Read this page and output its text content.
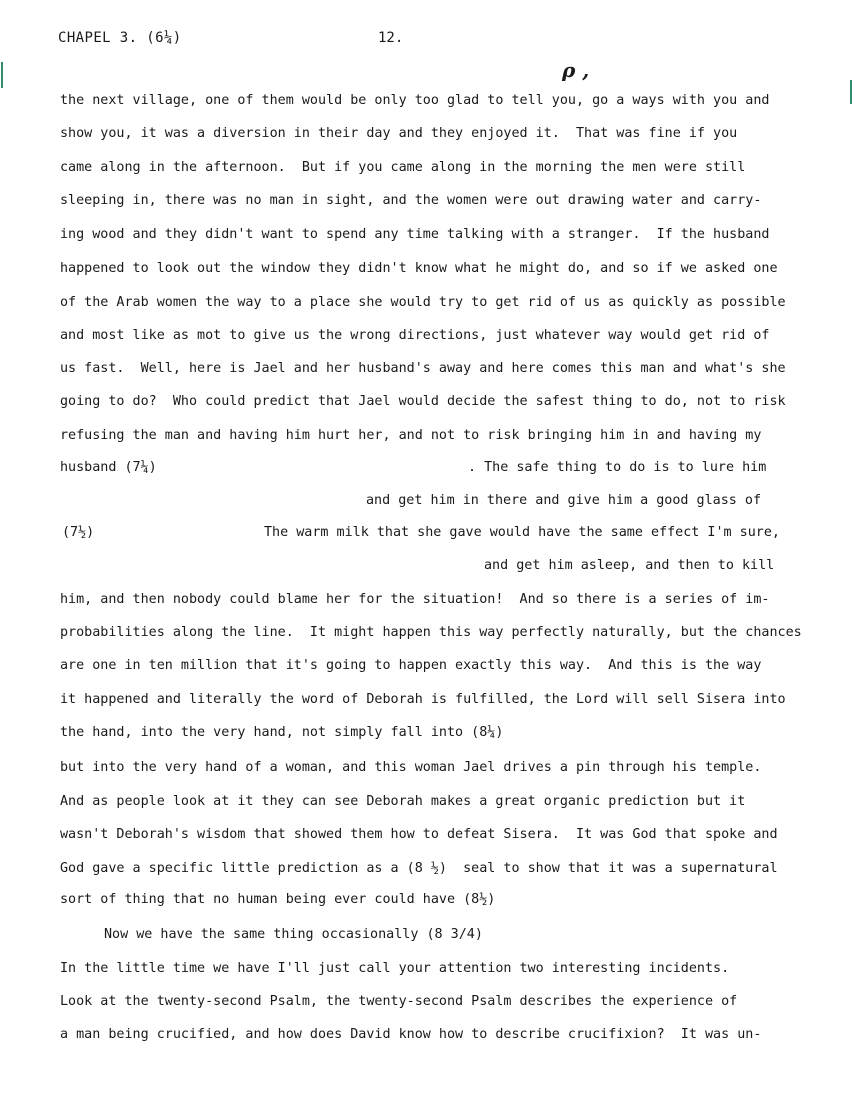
CHAPEL 3. (6¼)	12.
ρ ,
the next village, one of them would be only too glad to tell you, go a ways with you and
show you, it was a diversion in their day and they enjoyed it.  That was fine if you
came along in the afternoon.  But if you came along in the morning the men were still
sleeping in, there was no man in sight, and the women were out drawing water and carry-
ing wood and they didn't want to spend any time talking with a stranger.  If the husband
happened to look out the window they didn't know what he might do, and so if we asked one
of the Arab women the way to a place she would try to get rid of us as quickly as possible
and most like as mot to give us the wrong directions, just whatever way would get rid of
us fast.  Well, here is Jael and her husband's away and here comes this man and what's she
going to do?  Who could predict that Jael would decide the safest thing to do, not to risk
refusing the man and having him hurt her, and not to risk bringing him in and having my
husband (7¼)	. The safe thing to do is to lure him
and get him in there and give him a good glass of
(7½)	The warm milk that she gave would have the same effect I'm sure,
and get him asleep, and then to kill
him, and then nobody could blame her for the situation!  And so there is a series of im-
probabilities along the line.  It might happen this way perfectly naturally, but the chances
are one in ten million that it's going to happen exactly this way.  And this is the way
it happened and literally the word of Deborah is fulfilled, the Lord will sell Sisera into
the hand, into the very hand, not simply fall into (8¼)
but into the very hand of a woman, and this woman Jael drives a pin through his temple.
And as people look at it they can see Deborah makes a great organic prediction but it
wasn't Deborah's wisdom that showed them how to defeat Sisera.  It was God that spoke and
God gave a specific little prediction as a (8 ½)  seal to show that it was a supernatural
sort of thing that no human being ever could have (8½)
Now we have the same thing occasionally (8 3/4)
In the little time we have I'll just call your attention two interesting incidents.
Look at the twenty-second Psalm, the twenty-second Psalm describes the experience of
a man being crucified, and how does David know how to describe crucifixion?  It was un-
